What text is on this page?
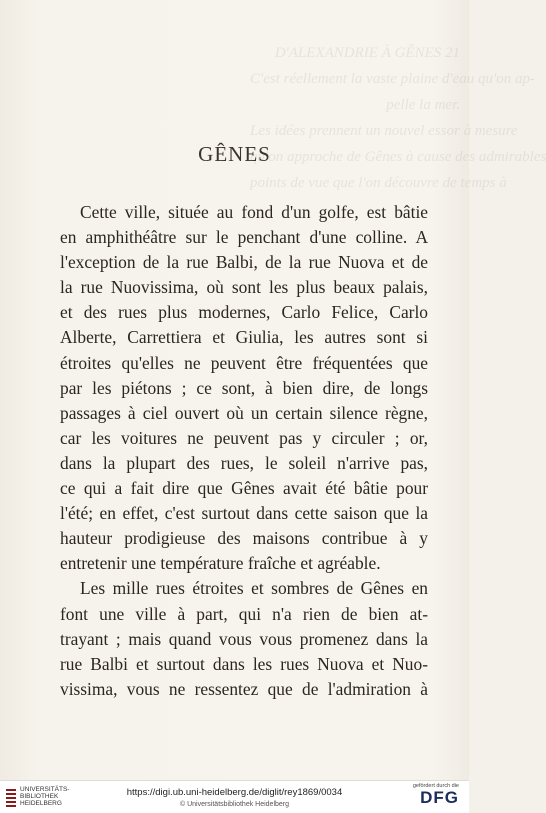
D'ALEXANDRIE À GÊNES 21
C'est réellement la vaste plaine d'eau qu'on ap-
pelle la mer.
Les idées prennent un nouvel essor à mesure
qu'on approche de Gênes à cause des admirables
points de vue que l'on découvre de temps à
GÊNES
Cette ville, située au fond d'un golfe, est bâtie
en amphithéâtre sur le penchant d'une colline. A
l'exception de la rue Balbi, de la rue Nuova et de
la rue Nuovissima, où sont les plus beaux palais,
et des rues plus modernes, Carlo Felice, Carlo
Alberte, Carrettiera et Giulia, les autres sont si
étroites qu'elles ne peuvent être fréquentées que
par les piétons ; ce sont, à bien dire, de longs
passages à ciel ouvert où un certain silence règne,
car les voitures ne peuvent pas y circuler ; or,
dans la plupart des rues, le soleil n'arrive pas,
ce qui a fait dire que Gênes avait été bâtie pour
l'été; en effet, c'est surtout dans cette saison que la
hauteur prodigieuse des maisons contribue à y
entretenir une température fraîche et agréable.
Les mille rues étroites et sombres de Gênes en
font une ville à part, qui n'a rien de bien at-
trayant ; mais quand vous vous promenez dans la
rue Balbi et surtout dans les rues Nuova et Nuo-
vissima, vous ne ressentez que de l'admiration à
UNIVERSITÄTS-
BIBLIOTHEK
HEIDELBERG
https://digi.ub.uni-heidelberg.de/diglit/rey1869/0034
© Universitätsbibliothek Heidelberg
gefördert durch die
DFG
